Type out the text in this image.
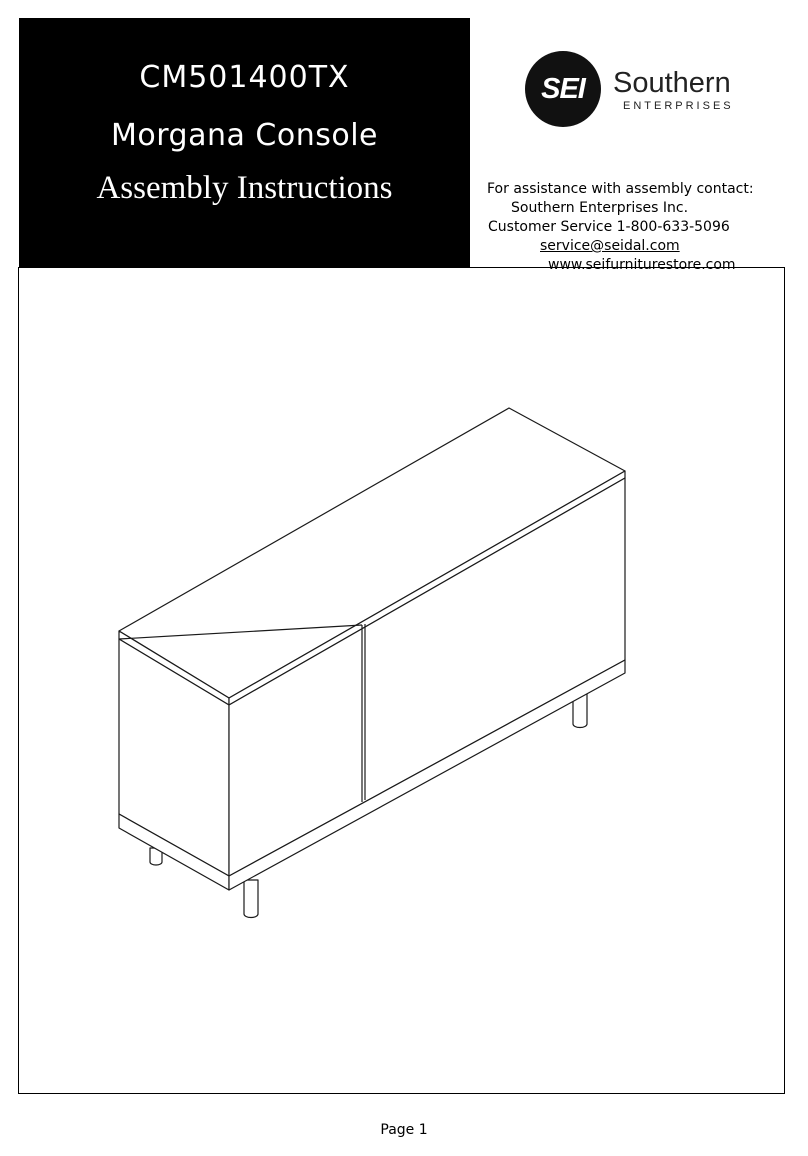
CM501400TX
Morgana Console
Assembly Instructions
SEI Southern
ENTERPRISES
For assistance with assembly contact:
Southern Enterprises Inc.
Customer Service 1-800-633-5096
service@seidal.com
www.seifurniturestore.com
Page 1
